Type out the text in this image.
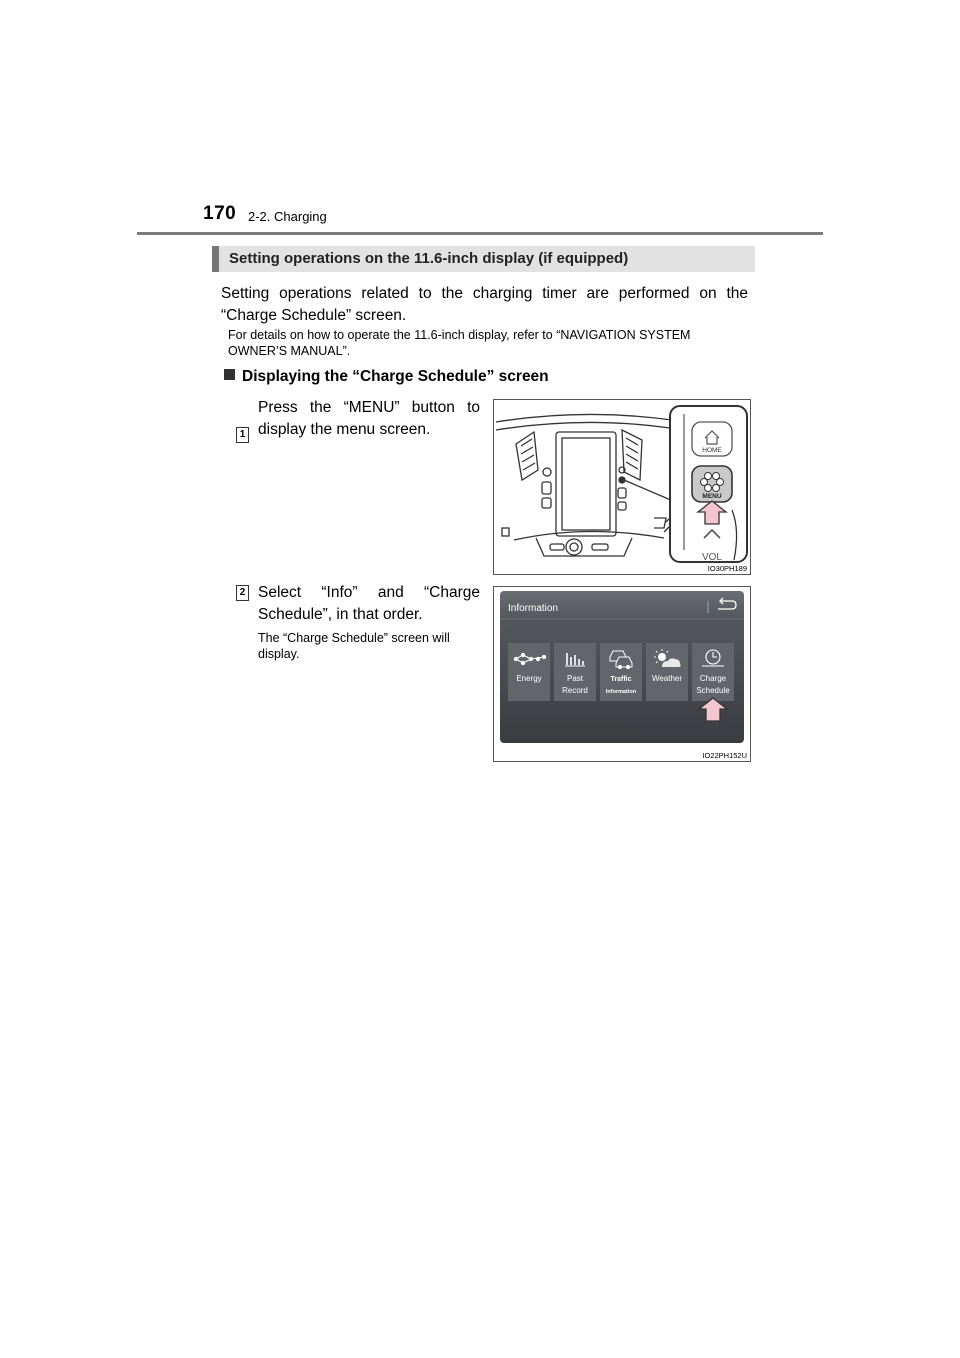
170 2-2. Charging
Setting operations on the 11.6-inch display (if equipped)
Setting operations related to the charging timer are performed on the “Charge Schedule” screen.
For details on how to operate the 11.6-inch display, refer to “NAVIGATION SYSTEM OWNER’S MANUAL”.
Displaying the “Charge Schedule” screen
1
Press the “MENU” button to display the menu screen.
HOME
MENU
VOL
IO30PH189
2 Select “Info” and “Charge Schedule”, in that order.
The “Charge Schedule” screen will display.
Information
Energy	Past
Record
Traffic
Information
Weather Charge
Schedule
IO22PH152U
